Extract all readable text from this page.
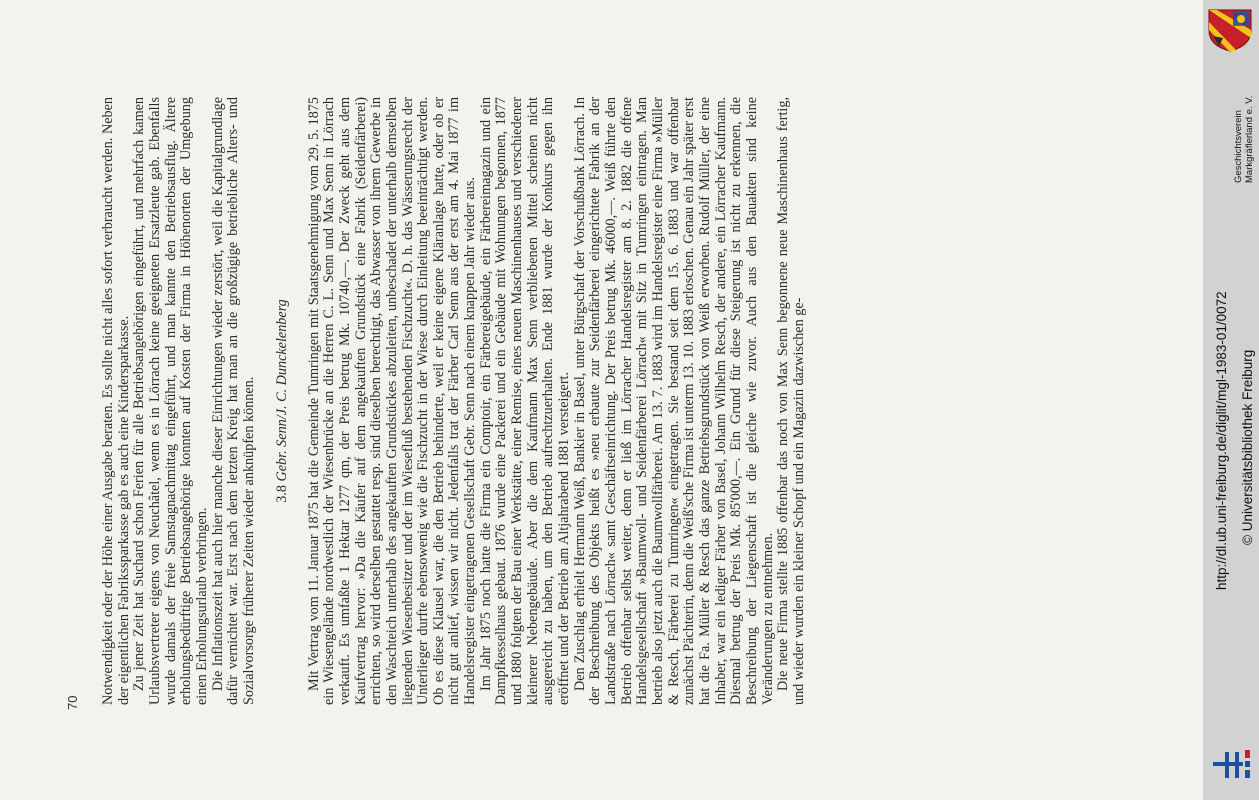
70 Notwendigkeit oder der Höhe einer Ausgabe beraten. Es sollte nicht alles sofort verbraucht werden. Neben der eigentlichen Fabrikssparkasse gab es auch eine Kindersparkasse. Zu jener Zeit hat Suchard schon Ferien für alle Betriebsangehörigen eingeführt, und mehrfach kamen Urlaubsvertreter eigens von Neuchâtel, wenn es in Lörrach keine geeigneten Ersatzleute gab. Ebenfalls wurde damals der freie Samstagnachmittag eingeführt, und man kannte den Betriebsausflug. Ältere erholungsbedürftige Betriebsangehörige konnten auf Kosten der Firma in Höhenorten der Umgebung einen Erholungsurlaub verbringen. Die Inflationszeit hat auch hier manche dieser Einrichtungen wieder zerstört, weil die Kapitalgrundlage dafür vernichtet war. Erst nach dem letzten Kreig hat man an die großzügige betriebliche Alters- und Sozialvorsorge früherer Zeiten wieder anknüpfen können. 3.8 Gebr. Senn/J. C. Dunckelenberg Mit Vertrag vom 11. Januar 1875 hat die Gemeinde Tumringen mit Staatsgenehmigung vom 29. 5. 1875 ein Wiesengelände nordwestlich der Wiesenbrücke an die Herren C. L. Senn und Max Senn in Lörrach verkauft. Es umfaßte 1 Hektar 1277 qm, der Preis betrug Mk. 10740,—. Der Zweck geht aus dem Kaufvertrag hervor: »Da die Käufer auf dem angekauften Grundstück eine Fabrik (Seidenfärberei) errichten, so wird derselben gestattet resp. sind dieselben berechtigt, das Abwasser von ihrem Gewerbe in den Waschteich unterhalb des angekauften Grundstückes abzuleiten, unbeschadet der unterhalb demselben liegenden Wiesenbesitzer und der im Wiesefluß bestehenden Fischzucht«. D. h. das Wässerungsrecht der Unterlieger durfte ebensowenig wie die Fischzucht in der Wiese durch Einleitung beeinträchtigt werden. Ob es diese Klausel war, die den Betrieb behinderte, weil er keine eigene Kläranlage hatte, oder ob er nicht gut anlief, wissen wir nicht. Jedenfalls trat der Färber Carl Senn aus der erst am 4. Mai 1877 im Handelsregister eingetragenen Gesellschaft Gebr. Senn nach einem knappen Jahr wieder aus. Im Jahr 1875 noch hatte die Firma ein Comptoir, ein Färbereigebäude, ein Färbereimagazin und ein Dampfkesselhaus gebaut. 1876 wurde eine Packerei und ein Gebäude mit Wohnungen begonnen, 1877 und 1880 folgten der Bau einer Werkstätte, einer Remise, eines neuen Maschinenhauses und verschiedener kleinerer Nebengebäude. Aber die dem Kaufmann Max Senn verbliebenen Mittel scheinen nicht ausgereicht zu haben, um den Betrieb aufrechtzuerhalten. Ende 1881 wurde der Konkurs gegen ihn eröffnet und der Betrieb am Altjahrabend 1881 versteigert. Den Zuschlag erhielt Hermann Weiß, Bankier in Basel, unter Bürgschaft der Vorschußbank Lörrach. In der Beschreibung des Objekts heißt es »neu erbaute zur Seidenfärberei eingerichtete Fabrik an der Landstraße nach Lörrach« samt Geschäftseinrichtung. Der Preis betrug Mk. 46000,—. Weiß führte den Betrieb offenbar selbst weiter, denn er ließ im Lörracher Handelsregister am 8. 2. 1882 die offene Handelsgesellschaft »Baumwoll- und Seidenfärberei Lörrach« mit Sitz in Tumringen eintragen. Man betrieb also jetzt auch die Baumwollfärberei. Am 13. 7. 1883 wird im Handelsregister eine Firma »Müller & Resch, Färberei zu Tumringen« eingetragen. Sie bestand seit dem 15. 6. 1883 und war offenbar zunächst Pächterin, denn die Weiß'sche Firma ist unterm 13. 10. 1883 erloschen. Genau ein Jahr später erst hat die Fa. Müller & Resch das ganze Betriebsgrundstück von Weiß erworben. Rudolf Müller, der eine Inhaber, war ein lediger Färber von Basel, Johann Wilhelm Resch, der andere, ein Lörracher Kaufmann. Diesmal betrug der Preis Mk. 85'000,—. Ein Grund für diese Steigerung ist nicht zu erkennen, die Beschreibung der Liegenschaft ist die gleiche wie zuvor. Auch aus den Bauakten sind keine Veränderungen zu entnehmen. Die neue Firma stellte 1885 offenbar das noch von Max Senn begonnene neue Maschinenhaus fertig, und wieder wurden ein kleiner Schopf und ein Magazin dazwischen ge-

Geschichtsverein Markgräflerland e. V.
http://dl.ub.uni-freiburg.de/diglit/mgl-1983-01/0072 © Universitätsbibliothek Freiburg
